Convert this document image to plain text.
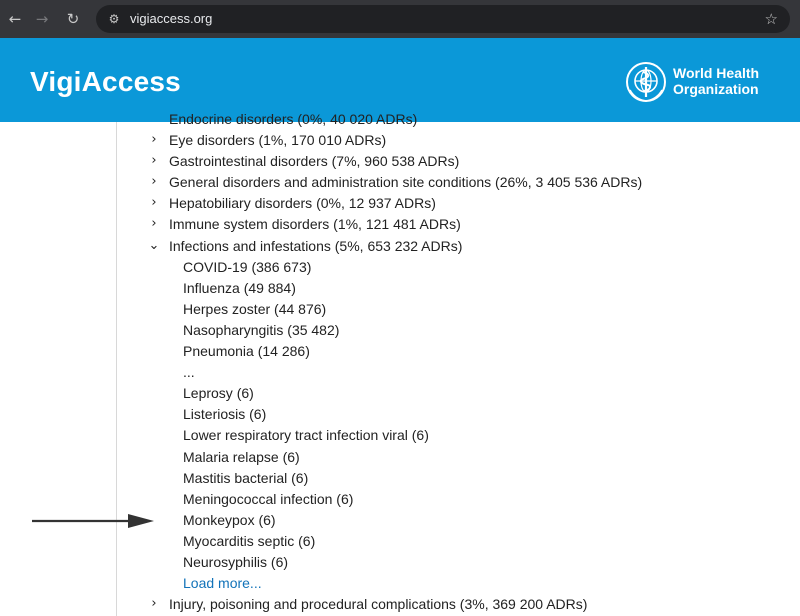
← →	↻	⚙ vigiaccess.org	☆
VigiAccess	World Health
Organization
Endocrine disorders (0%, 40 020 ADRs)
› Eye disorders (1%, 170 010 ADRs)
› Gastrointestinal disorders (7%, 960 538 ADRs)
› General disorders and administration site conditions (26%, 3 405 536 ADRs)
› Hepatobiliary disorders (0%, 12 937 ADRs)
› Immune system disorders (1%, 121 481 ADRs)
⌄ Infections and infestations (5%, 653 232 ADRs)
COVID-19 (386 673)
Influenza (49 884)
Herpes zoster (44 876)
Nasopharyngitis (35 482)
Pneumonia (14 286)
...
Leprosy (6)
Listeriosis (6)
Lower respiratory tract infection viral (6)
Malaria relapse (6)
Mastitis bacterial (6)
Meningococcal infection (6)
Monkeypox (6)
Myocarditis septic (6)
Neurosyphilis (6)
Load more...
› Injury, poisoning and procedural complications (3%, 369 200 ADRs)
